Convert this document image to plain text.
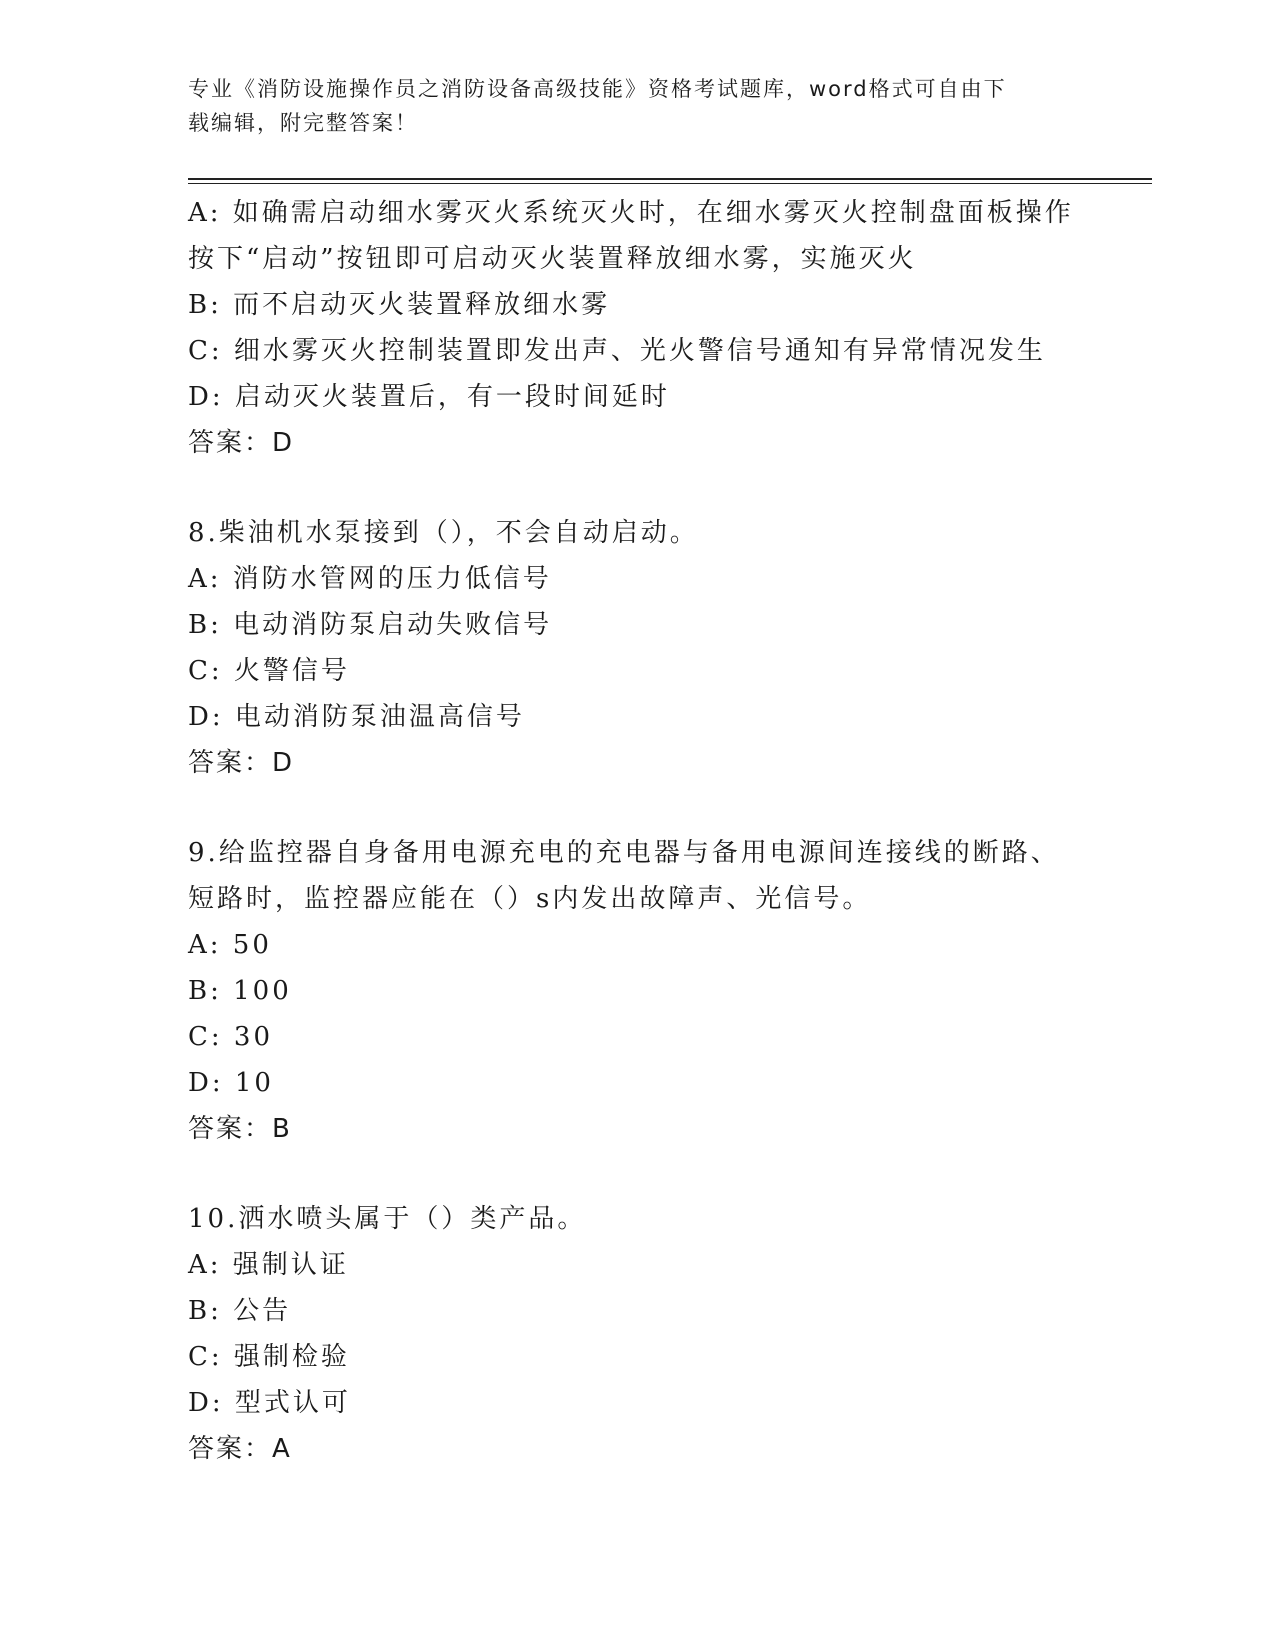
专业《消防设施操作员之消防设备高级技能》资格考试题库，word格式可自由下
载编辑，附完整答案！
A: 如确需启动细水雾灭火系统灭火时，在细水雾灭火控制盘面板操作
按下“启动”按钮即可启动灭火装置释放细水雾，实施灭火
B: 而不启动灭火装置释放细水雾
C: 细水雾灭火控制装置即发出声、光火警信号通知有异常情况发生
D: 启动灭火装置后，有一段时间延时
答案：D
8.柴油机水泵接到（），不会自动启动。
A: 消防水管网的压力低信号
B: 电动消防泵启动失败信号
C: 火警信号
D: 电动消防泵油温高信号
答案：D
9.给监控器自身备用电源充电的充电器与备用电源间连接线的断路、
短路时，监控器应能在（）s内发出故障声、光信号。
A: 50
B: 100
C: 30
D: 10
答案：B
10.洒水喷头属于（）类产品。
A: 强制认证
B: 公告
C: 强制检验
D: 型式认可
答案：A
